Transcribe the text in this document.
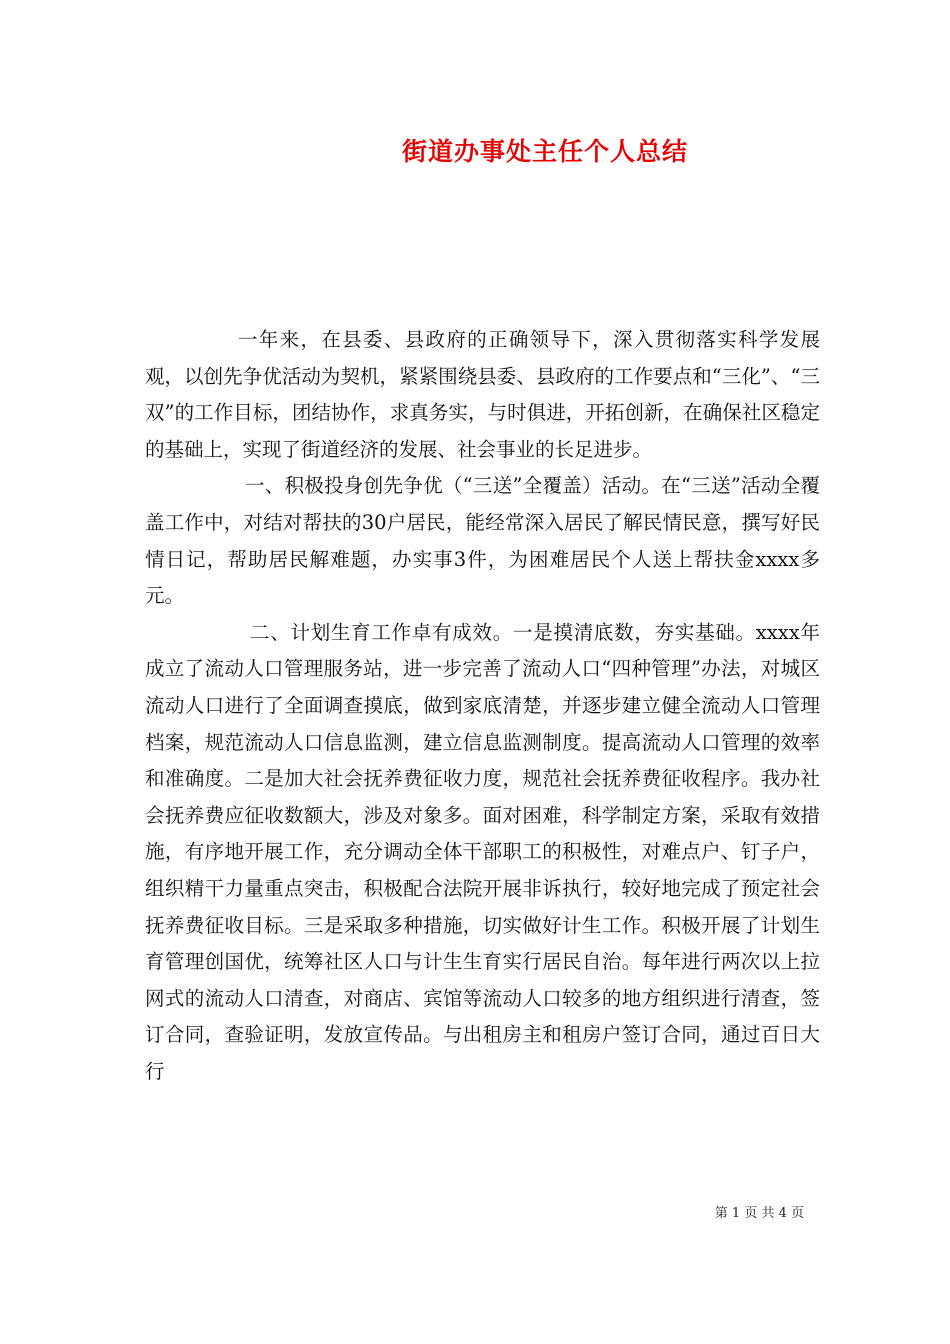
街道办事处主任个人总结

一年来，在县委、县政府的正确领导下，深入贯彻落实科学发展观，以创先争优活动为契机，紧紧围绕县委、县政府的工作要点和“三化”、“三双”的工作目标，团结协作，求真务实，与时俱进，开拓创新，在确保社区稳定的基础上，实现了街道经济的发展、社会事业的长足进步。

一、积极投身创先争优（“三送”全覆盖）活动。在“三送”活动全覆盖工作中，对结对帮扶的30户居民，能经常深入居民了解民情民意，撰写好民情日记，帮助居民解难题，办实事3件，为困难居民个人送上帮扶金xxxx多元。

二、计划生育工作卓有成效。一是摸清底数，夯实基础。xxxx年成立了流动人口管理服务站，进一步完善了流动人口“四种管理”办法，对城区流动人口进行了全面调查摸底，做到家底清楚，并逐步建立健全流动人口管理档案，规范流动人口信息监测，建立信息监测制度。提高流动人口管理的效率和准确度。二是加大社会抚养费征收力度，规范社会抚养费征收程序。我办社会抚养费应征收数额大，涉及对象多。面对困难，科学制定方案，采取有效措施，有序地开展工作，充分调动全体干部职工的积极性，对难点户、钉子户，组织精干力量重点突击，积极配合法院开展非诉执行，较好地完成了预定社会抚养费征收目标。三是采取多种措施，切实做好计生工作。积极开展了计划生育管理创国优，统筹社区人口与计生生育实行居民自治。每年进行两次以上拉网式的流动人口清查，对商店、宾馆等流动人口较多的地方组织进行清查，签订合同，查验证明，发放宣传品。与出租房主和租房户签订合同，通过百日大行

第 1 页 共 4 页
